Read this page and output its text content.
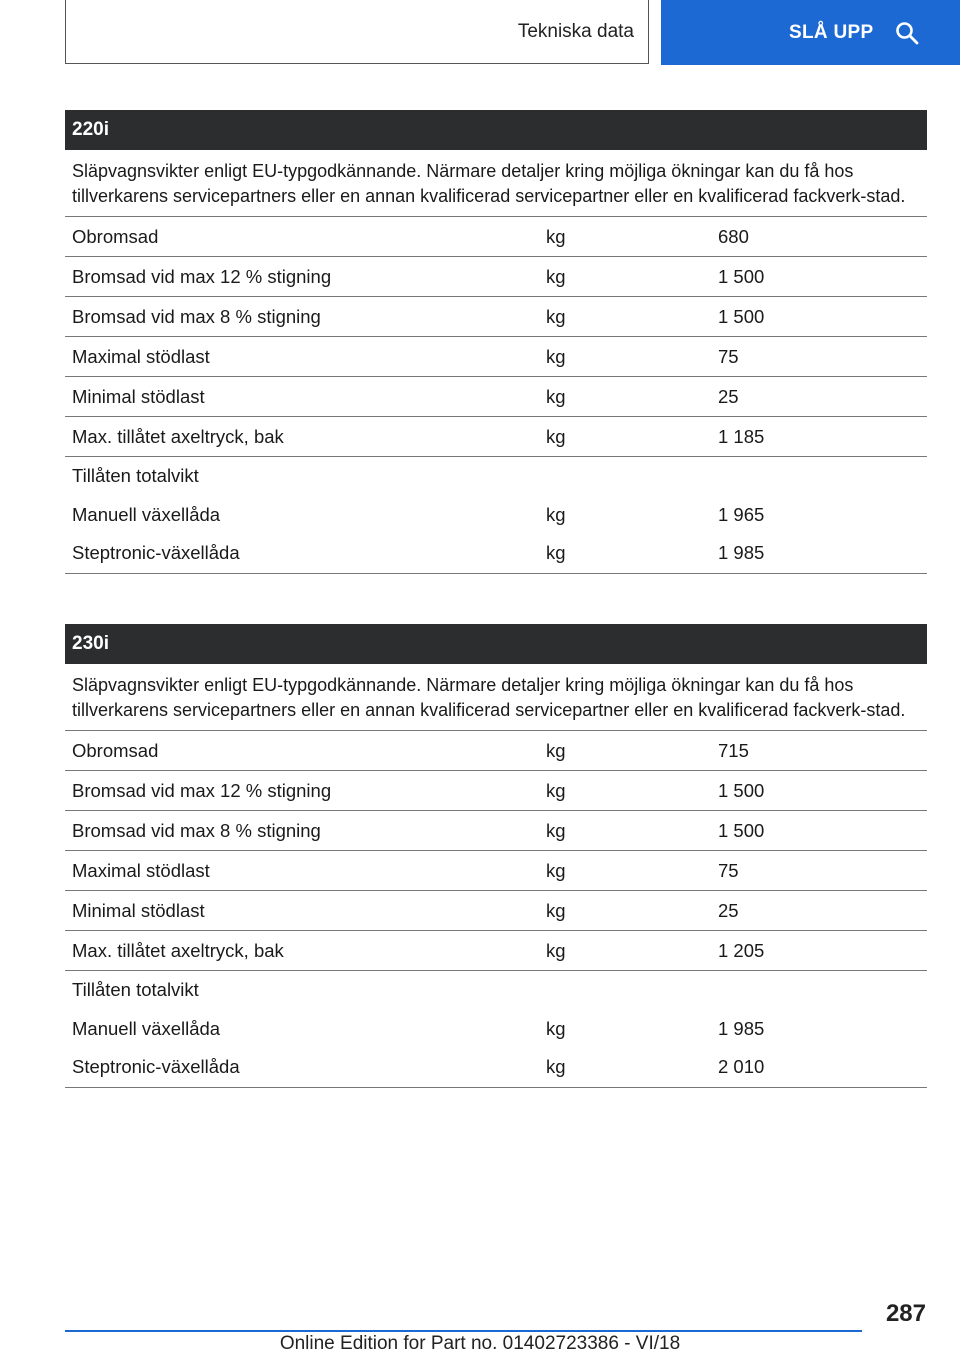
Tekniska data	SLÅ UPP
220i
Släpvagnsvikter enligt EU-typgodkännande. Närmare detaljer kring möjliga ökningar kan du få hos tillverkarens servicepartners eller en annan kvalificerad servicepartner eller en kvalificerad fackverk-stad.
Obromsad	kg	680
Bromsad vid max 12 % stigning	kg	1 500
Bromsad vid max 8 % stigning	kg	1 500
Maximal stödlast	kg	75
Minimal stödlast	kg	25
Max. tillåtet axeltryck, bak	kg	1 185
Tillåten totalvikt
Manuell växellåda	kg	1 965
Steptronic-växellåda	kg	1 985
230i
Släpvagnsvikter enligt EU-typgodkännande. Närmare detaljer kring möjliga ökningar kan du få hos tillverkarens servicepartners eller en annan kvalificerad servicepartner eller en kvalificerad fackverk-stad.
Obromsad	kg	715
Bromsad vid max 12 % stigning	kg	1 500
Bromsad vid max 8 % stigning	kg	1 500
Maximal stödlast	kg	75
Minimal stödlast	kg	25
Max. tillåtet axeltryck, bak	kg	1 205
Tillåten totalvikt
Manuell växellåda	kg	1 985
Steptronic-växellåda	kg	2 010
287
Online Edition for Part no. 01402723386 - VI/18
